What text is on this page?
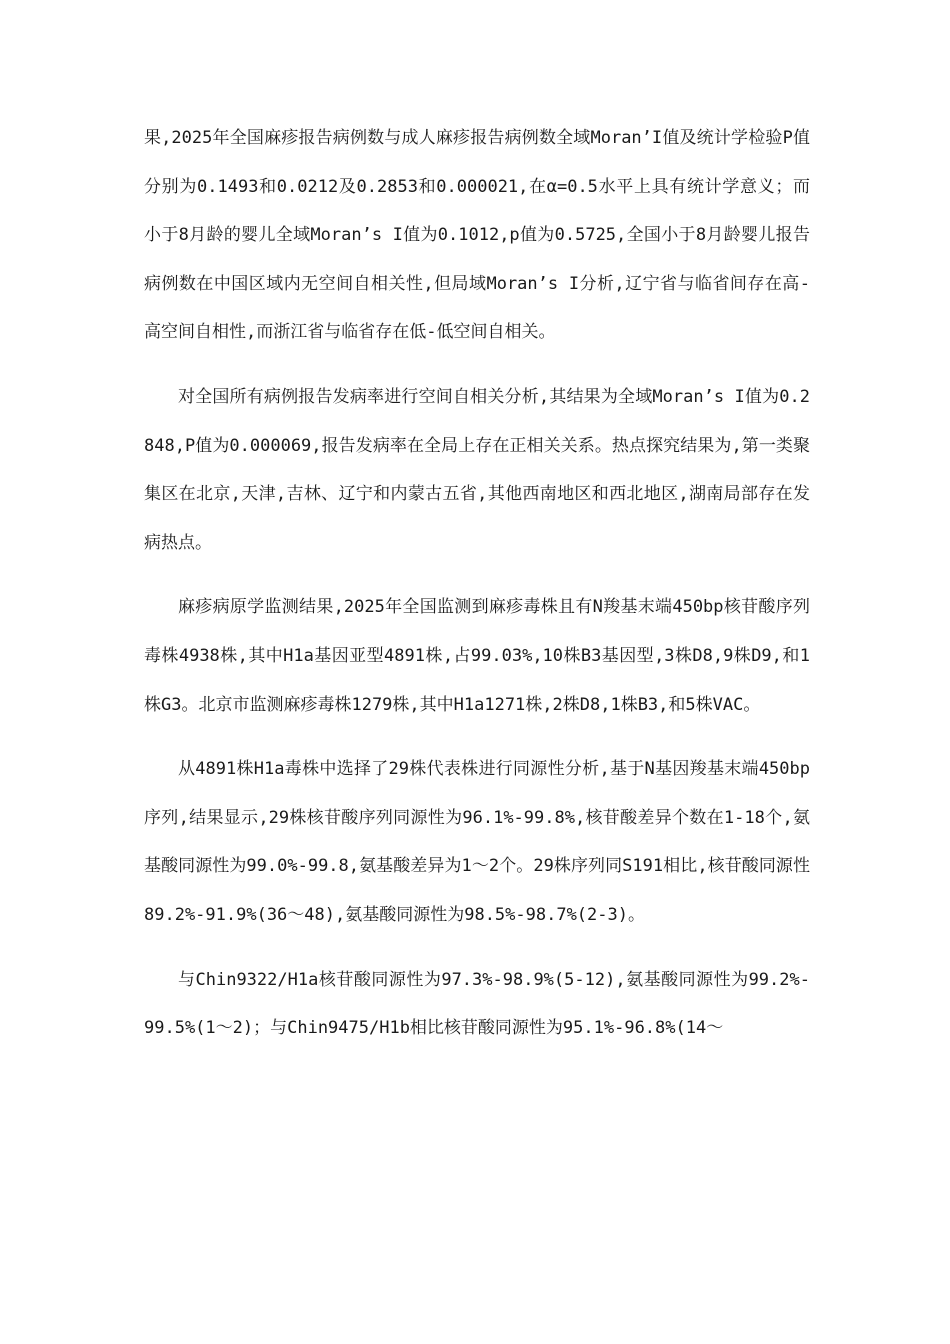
果,2025年全国麻疹报告病例数与成人麻疹报告病例数全域Moran’I值及统计学检验P值分别为0.1493和0.0212及0.2853和0.000021,在α=0.5水平上具有统计学意义；而小于8月龄的婴儿全域Moran’s I值为0.1012,p值为0.5725,全国小于8月龄婴儿报告病例数在中国区域内无空间自相关性,但局域Moran’s I分析,辽宁省与临省间存在高-高空间自相性,而浙江省与临省存在低-低空间自相关。

对全国所有病例报告发病率进行空间自相关分析,其结果为全域Moran’s I值为0.2848,P值为0.000069,报告发病率在全局上存在正相关关系。热点探究结果为,第一类聚集区在北京,天津,吉林、辽宁和内蒙古五省,其他西南地区和西北地区,湖南局部存在发病热点。

麻疹病原学监测结果,2025年全国监测到麻疹毒株且有N羧基末端450bp核苷酸序列毒株4938株,其中H1a基因亚型4891株,占99.03%,10株B3基因型,3株D8,9株D9,和1株G3。北京市监测麻疹毒株1279株,其中H1a1271株,2株D8,1株B3,和5株VAC。

从4891株H1a毒株中选择了29株代表株进行同源性分析,基于N基因羧基末端450bp序列,结果显示,29株核苷酸序列同源性为96.1%-99.8%,核苷酸差异个数在1-18个,氨基酸同源性为99.0%-99.8,氨基酸差异为1～2个。29株序列同S191相比,核苷酸同源性89.2%-91.9%(36～48),氨基酸同源性为98.5%-98.7%(2-3)。

与Chin9322/H1a核苷酸同源性为97.3%-98.9%(5-12),氨基酸同源性为99.2%-99.5%(1～2)；与Chin9475/H1b相比核苷酸同源性为95.1%-96.8%(14～
